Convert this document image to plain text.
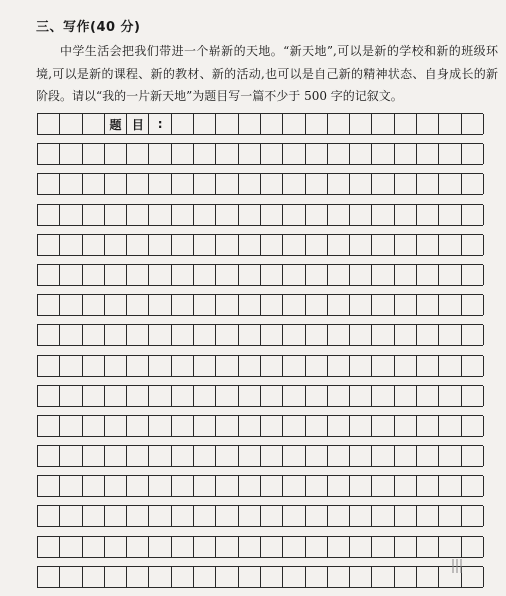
三、写作(40 分)
中学生活会把我们带进一个崭新的天地。“新天地”,可以是新的学校和新的班级环境,可以是新的课程、新的教材、新的活动,也可以是自己新的精神状态、自身成长的新阶段。请以“我的一片新天地”为题目写一篇不少于 500 字的记叙文。
题 目	:
